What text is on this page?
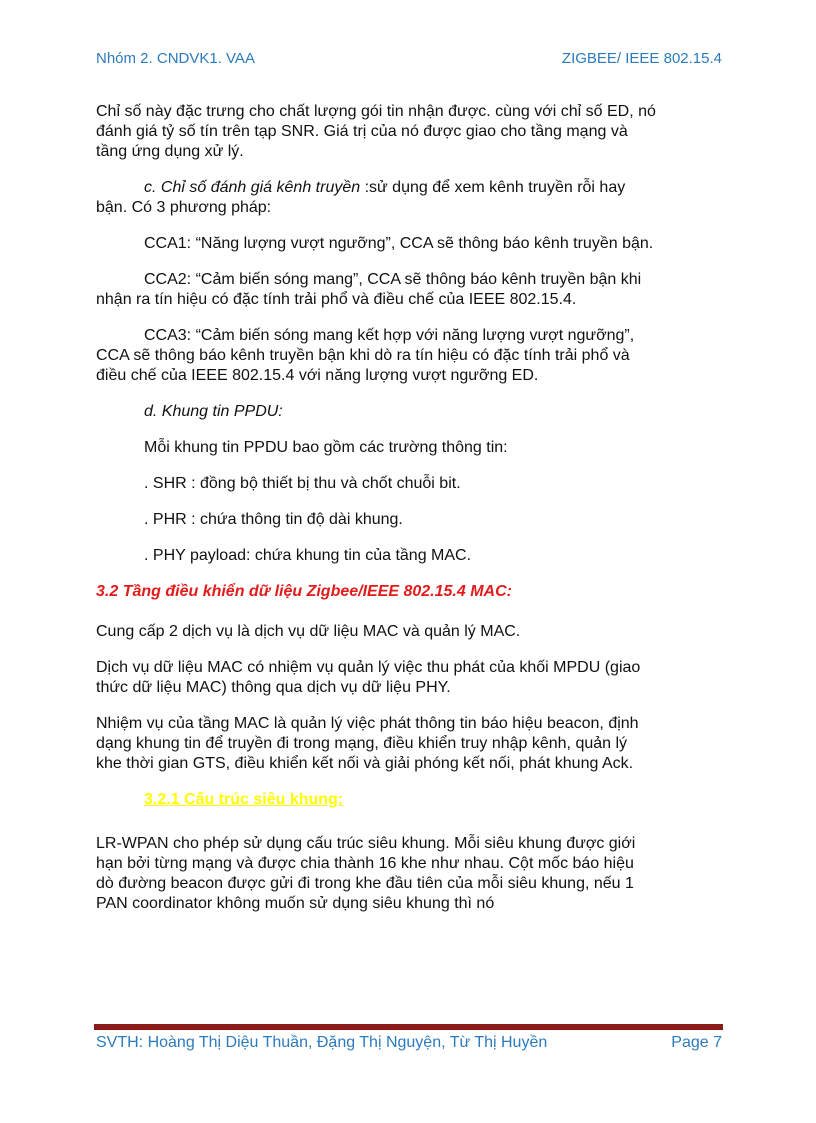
Nhóm 2. CNDVK1. VAA	ZIGBEE/ IEEE 802.15.4

Chỉ số này đặc trưng cho chất lượng gói tin nhận được. cùng với chỉ số ED, nó đánh giá tỷ số tín trên tạp SNR. Giá trị của nó được giao cho tầng mạng và tầng ứng dụng xử lý.

c. Chỉ số đánh giá kênh truyền :sử dụng để xem kênh truyền rỗi hay bận. Có 3 phương pháp:

CCA1: “Năng lượng vượt ngưỡng”, CCA sẽ thông báo kênh truyền bận.

CCA2: “Cảm biến sóng mang”, CCA sẽ thông báo kênh truyền bận khi nhận ra tín hiệu có đặc tính trải phổ và điều chế của IEEE 802.15.4.

CCA3: “Cảm biến sóng mang kết hợp với năng lượng vượt ngưỡng”, CCA sẽ thông báo kênh truyền bận khi dò ra tín hiệu có đặc tính trải phổ và điều chế của IEEE 802.15.4 với năng lượng vượt ngưỡng ED.

d. Khung tin PPDU:

Mỗi khung tin PPDU bao gồm các trường thông tin:

. SHR : đồng bộ thiết bị thu và chốt chuỗi bit.

. PHR : chứa thông tin độ dài khung.

. PHY payload: chứa khung tin của tầng MAC.

3.2 Tầng điều khiển dữ liệu Zigbee/IEEE 802.15.4 MAC:

Cung cấp 2 dịch vụ là dịch vụ dữ liệu MAC và quản lý MAC.

Dịch vụ dữ liệu MAC có nhiệm vụ quản lý việc thu phát của khối MPDU (giao thức dữ liệu MAC) thông qua dịch vụ dữ liệu PHY.

Nhiệm vụ của tầng MAC là quản lý việc phát thông tin báo hiệu beacon, định dạng khung tin để truyền đi trong mạng, điều khiển truy nhập kênh, quản lý khe thời gian GTS, điều khiển kết nối và giải phóng kết nối, phát khung Ack.

3.2.1 Cấu trúc siêu khung:

LR-WPAN cho phép sử dụng cấu trúc siêu khung. Mỗi siêu khung được giới hạn bởi từng mạng và được chia thành 16 khe như nhau. Cột mốc báo hiệu dò đường beacon được gửi đi trong khe đầu tiên của mỗi siêu khung, nếu 1 PAN coordinator không muốn sử dụng siêu khung thì nó

SVTH: Hoàng Thị Diệu Thuần, Đặng Thị Nguyện, Từ Thị Huyền	Page 7
